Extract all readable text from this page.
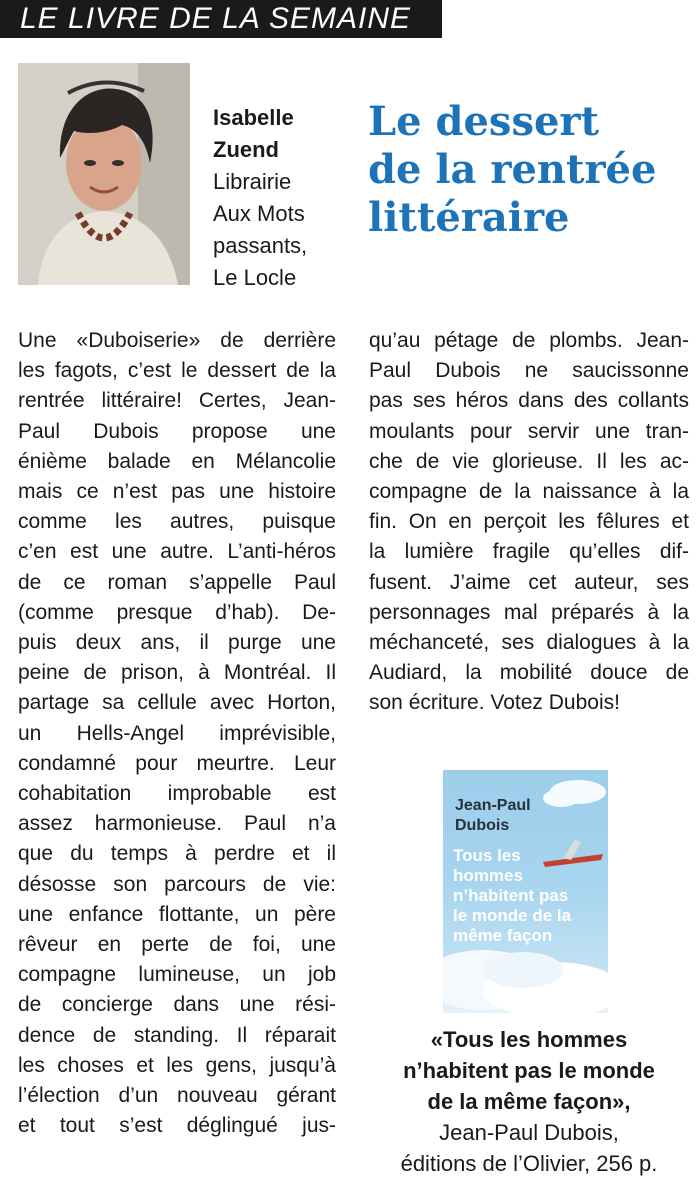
LE LIVRE DE LA SEMAINE
Isabelle
Zuend
Librairie
Aux Mots
passants,
Le Locle
Le dessert
de la rentrée
littéraire
Une «Duboiserie» de derrière
les fagots, c’est le dessert de la
rentrée littéraire! Certes, Jean-
Paul Dubois propose une
énième balade en Mélancolie
mais ce n’est pas une histoire
comme les autres, puisque
c’en est une autre. L’anti-héros
de ce roman s’appelle Paul
(comme presque d’hab). De-
puis deux ans, il purge une
peine de prison, à Montréal. Il
partage sa cellule avec Horton,
un Hells-Angel imprévisible,
condamné pour meurtre. Leur
cohabitation improbable est
assez harmonieuse. Paul n’a
que du temps à perdre et il
désosse son parcours de vie:
une enfance flottante, un père
rêveur en perte de foi, une
compagne lumineuse, un job
de concierge dans une rési-
dence de standing. Il réparait
les choses et les gens, jusqu’à
l’élection d’un nouveau gérant
et tout s’est déglingué jus-
qu’au pétage de plombs. Jean-
Paul Dubois ne saucissonne
pas ses héros dans des collants
moulants pour servir une tran-
che de vie glorieuse. Il les ac-
compagne de la naissance à la
fin. On en perçoit les fêlures et
la lumière fragile qu’elles dif-
fusent. J’aime cet auteur, ses
personnages mal préparés à la
méchanceté, ses dialogues à la
Audiard, la mobilité douce de
son écriture. Votez Dubois!
Jean-Paul
Dubois
Tous les
hommes
n’habitent pas
le monde de la
même façon
«Tous les hommes
n’habitent pas le monde
de la même façon»,
Jean-Paul Dubois,
éditions de l’Olivier, 256 p.
